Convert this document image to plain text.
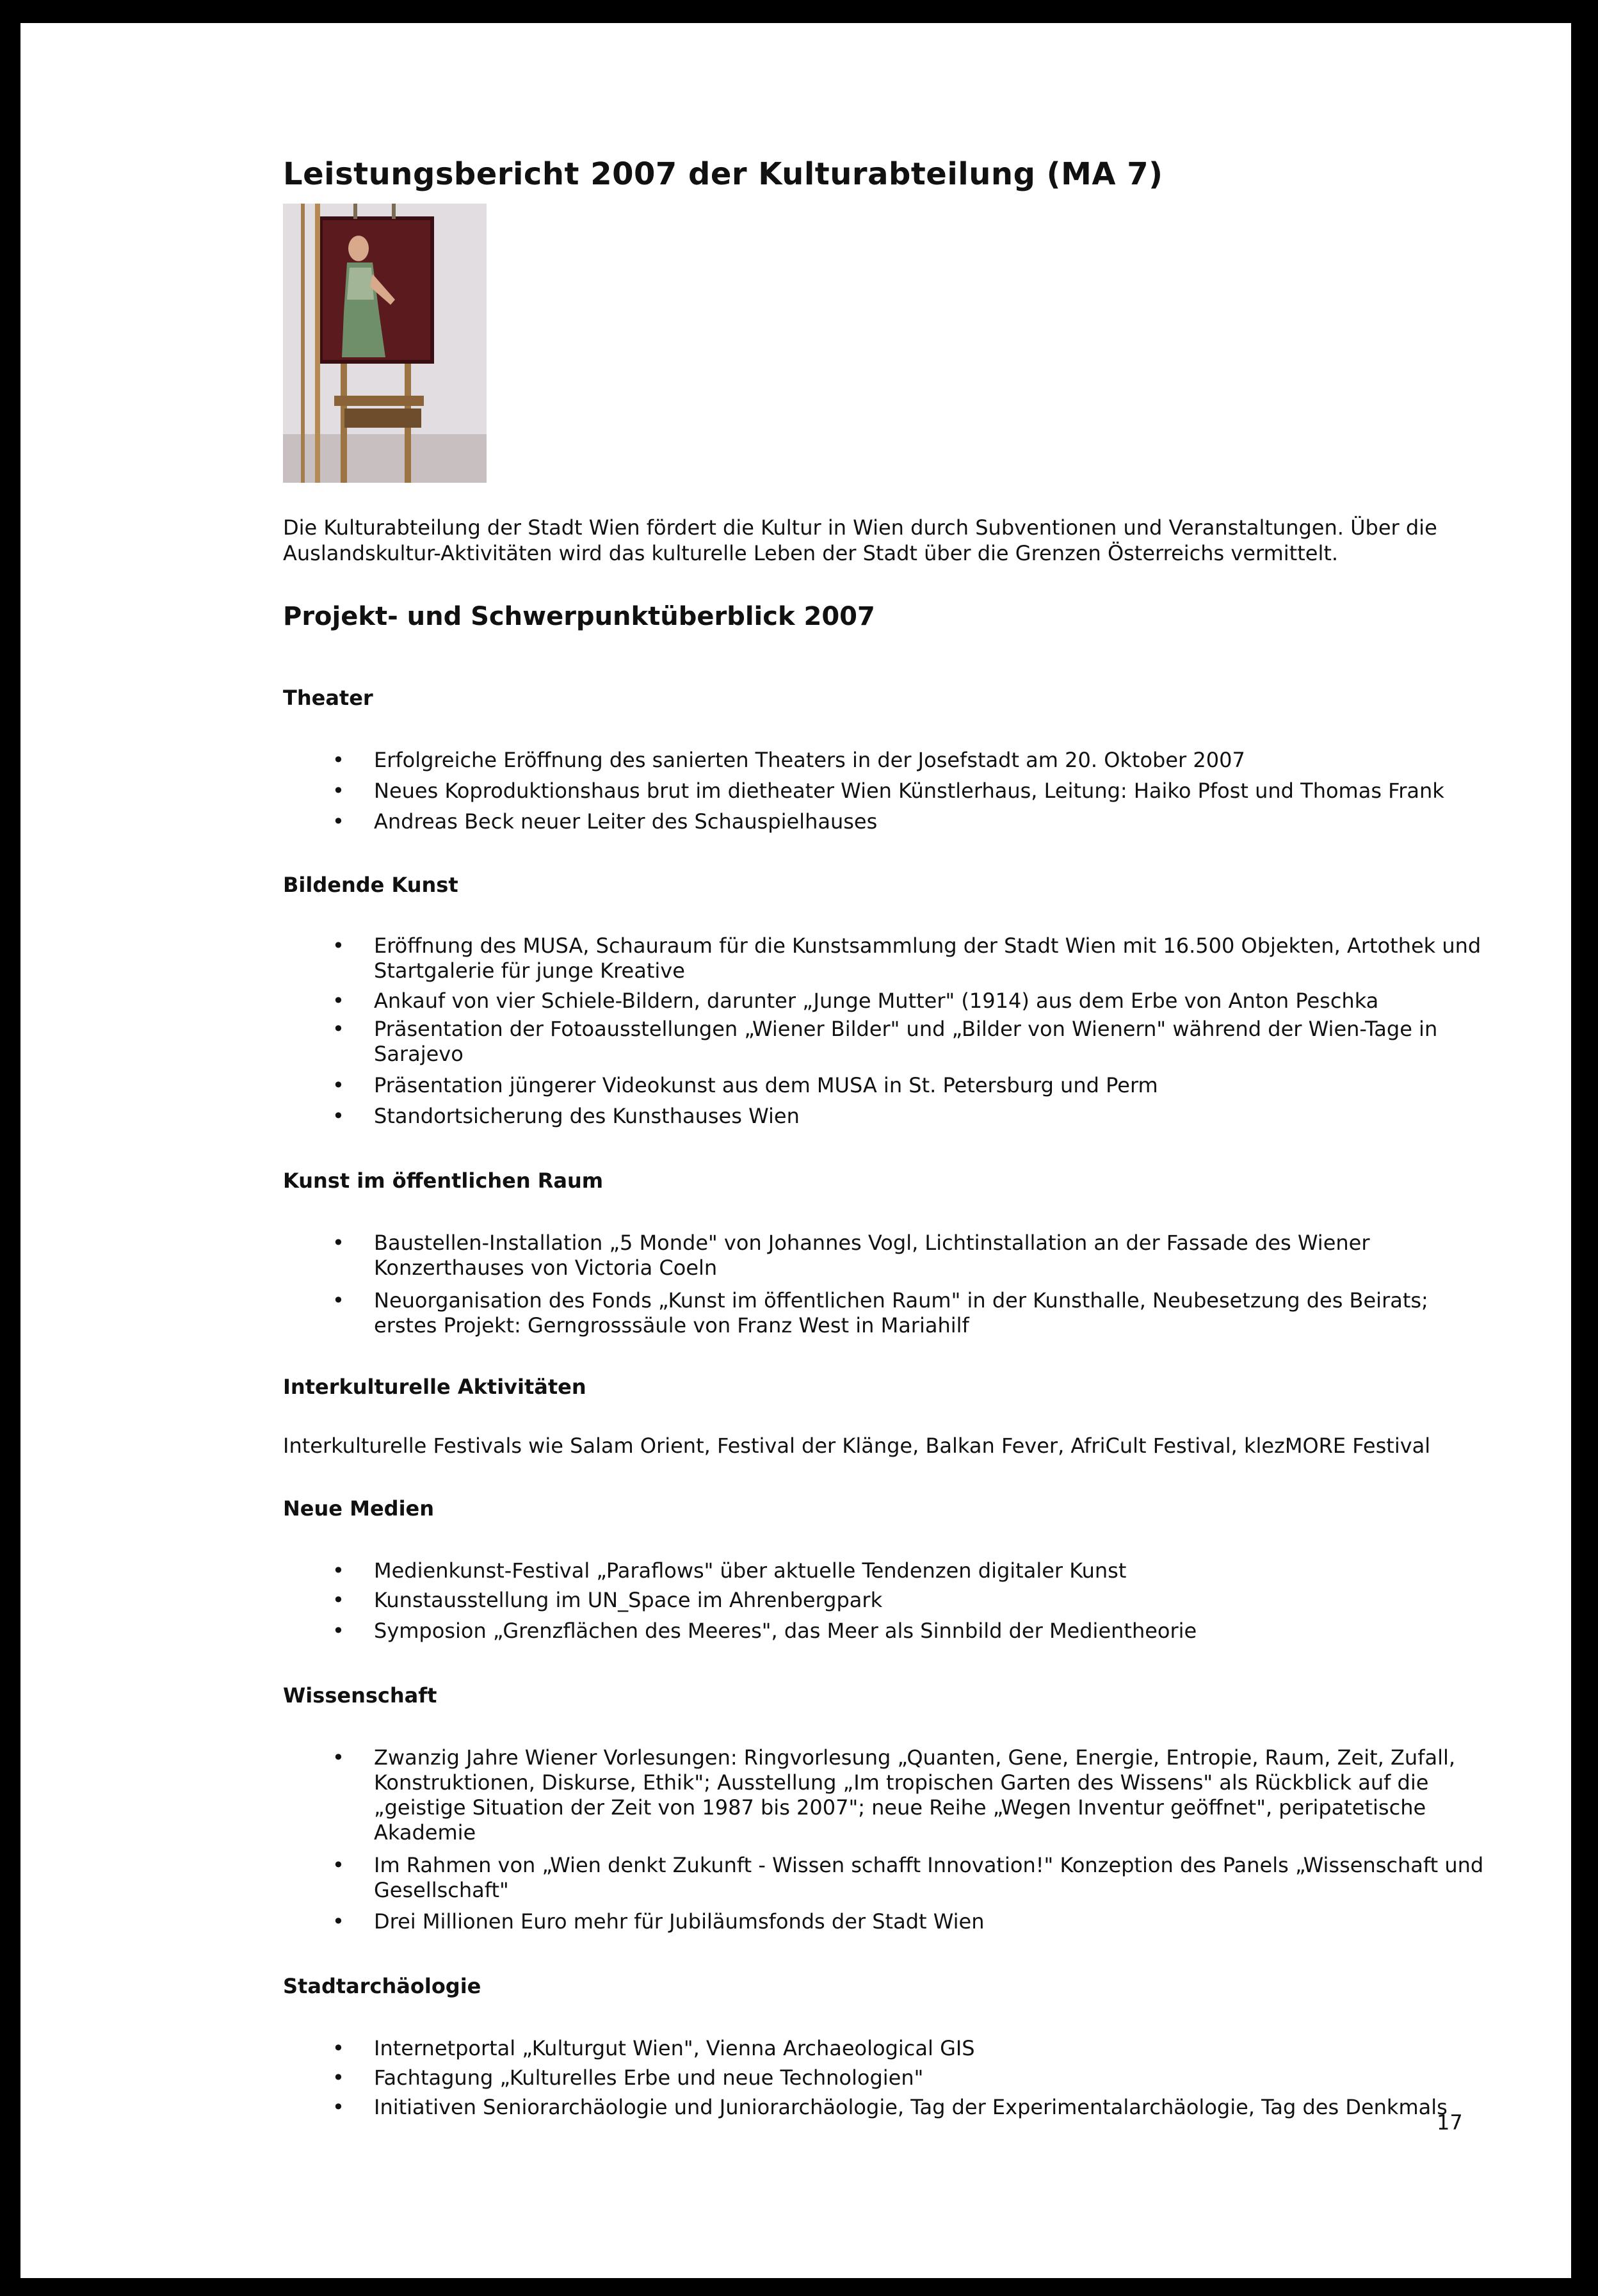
Leistungsbericht 2007 der Kulturabteilung (MA 7)

Die Kulturabteilung der Stadt Wien fördert die Kultur in Wien durch Subventionen und Veranstaltungen. Über die Auslandskultur-Aktivitäten wird das kulturelle Leben der Stadt über die Grenzen Österreichs vermittelt.

Projekt- und Schwerpunktüberblick 2007
Theater
• Erfolgreiche Eröffnung des sanierten Theaters in der Josefstadt am 20. Oktober 2007
• Neues Koproduktionshaus brut im dietheater Wien Künstlerhaus, Leitung: Haiko Pfost und Thomas Frank
• Andreas Beck neuer Leiter des Schauspielhauses
Bildende Kunst
• Eröffnung des MUSA, Schauraum für die Kunstsammlung der Stadt Wien mit 16.500 Objekten, Artothek und Startgalerie für junge Kreative
• Ankauf von vier Schiele-Bildern, darunter „Junge Mutter" (1914) aus dem Erbe von Anton Peschka
• Präsentation der Fotoausstellungen „Wiener Bilder" und „Bilder von Wienern" während der Wien-Tage in Sarajevo
• Präsentation jüngerer Videokunst aus dem MUSA in St. Petersburg und Perm
• Standortsicherung des Kunsthauses Wien
Kunst im öffentlichen Raum
• Baustellen-Installation „5 Monde" von Johannes Vogl, Lichtinstallation an der Fassade des Wiener Konzerthauses von Victoria Coeln
• Neuorganisation des Fonds „Kunst im öffentlichen Raum" in der Kunsthalle, Neubesetzung des Beirats; erstes Projekt: Gerngrosssäule von Franz West in Mariahilf
Interkulturelle Aktivitäten

Interkulturelle Festivals wie Salam Orient, Festival der Klänge, Balkan Fever, AfriCult Festival, klezMORE Festival

Neue Medien
• Medienkunst-Festival „Paraflows" über aktuelle Tendenzen digitaler Kunst
• Kunstausstellung im UN_Space im Ahrenbergpark
• Symposion „Grenzflächen des Meeres", das Meer als Sinnbild der Medientheorie
Wissenschaft
• Zwanzig Jahre Wiener Vorlesungen: Ringvorlesung „Quanten, Gene, Energie, Entropie, Raum, Zeit, Zufall, Konstruktionen, Diskurse, Ethik"; Ausstellung „Im tropischen Garten des Wissens" als Rückblick auf die „geistige Situation der Zeit von 1987 bis 2007"; neue Reihe „Wegen Inventur geöffnet", peripatetische Akademie
• Im Rahmen von „Wien denkt Zukunft - Wissen schafft Innovation!" Konzeption des Panels „Wissenschaft und Gesellschaft"
• Drei Millionen Euro mehr für Jubiläumsfonds der Stadt Wien
Stadtarchäologie
• Internetportal „Kulturgut Wien", Vienna Archaeological GIS
• Fachtagung „Kulturelles Erbe und neue Technologien"
• Initiativen Seniorarchäologie und Juniorarchäologie, Tag der Experimentalarchäologie, Tag des Denkmals
17
